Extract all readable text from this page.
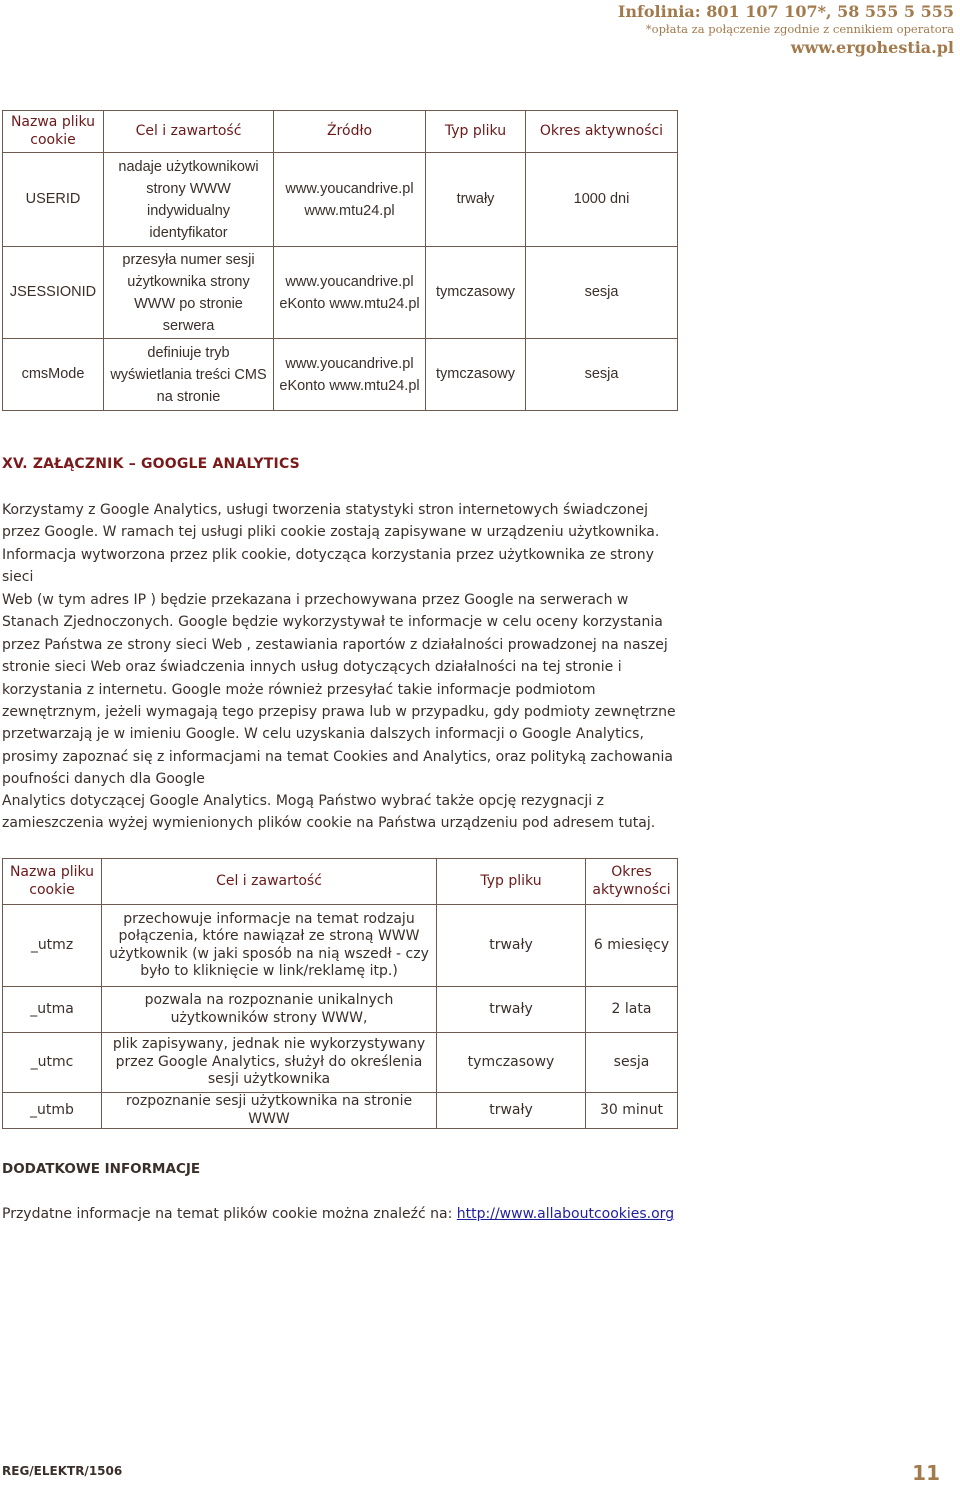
Infolinia: 801 107 107*, 58 555 5 555
*opłata za połączenie zgodnie z cennikiem operatora
www.ergohestia.pl
Nazwa pliku cookie	Cel i zawartość	Źródło	Typ pliku	Okres aktywności
USERID	nadaje użytkownikowi strony WWW indywidualny identyfikator	www.youcandrive.pl www.mtu24.pl	trwały	1000 dni
JSESSIONID	przesyła numer sesji użytkownika strony WWW po stronie serwera	www.youcandrive.pl eKonto www.mtu24.pl	tymczasowy	sesja
cmsMode	definiuje tryb wyświetlania treści CMS na stronie	www.youcandrive.pl eKonto www.mtu24.pl	tymczasowy	sesja
XV. ZAŁĄCZNIK – GOOGLE ANALYTICS

Korzystamy z Google Analytics, usługi tworzenia statystyki stron internetowych świadczonej przez Google. W ramach tej usługi pliki cookie zostają zapisywane w urządzeniu użytkownika. Informacja wytworzona przez plik cookie, dotycząca korzystania przez użytkownika ze strony sieci

Web (w tym adres IP ) będzie przekazana i przechowywana przez Google na serwerach w Stanach Zjednoczonych. Google będzie wykorzystywał te informacje w celu oceny korzystania przez Państwa ze strony sieci Web , zestawiania raportów z działalności prowadzonej na naszej stronie sieci Web oraz świadczenia innych usług dotyczących działalności na tej stronie i korzystania z internetu. Google może również przesyłać takie informacje podmiotom zewnętrznym, jeżeli wymagają tego przepisy prawa lub w przypadku, gdy podmioty zewnętrzne przetwarzają je w imieniu Google. W celu uzyskania dalszych informacji o Google Analytics, prosimy zapoznać się z informacjami na temat Cookies and Analytics, oraz polityką zachowania poufności danych dla Google

Analytics dotyczącej Google Analytics. Mogą Państwo wybrać także opcję rezygnacji z zamieszczenia wyżej wymienionych plików cookie na Państwa urządzeniu pod adresem tutaj.

Nazwa pliku cookie	Cel i zawartość	Typ pliku	Okres aktywności
_utmz	przechowuje informacje na temat rodzaju połączenia, które nawiązał ze stroną WWW użytkownik (w jaki sposób na nią wszedł - czy było to kliknięcie w link/reklamę itp.)	trwały	6 miesięcy
_utma	pozwala na rozpoznanie unikalnych użytkowników strony WWW,	trwały	2 lata
_utmc	plik zapisywany, jednak nie wykorzystywany przez Google Analytics, służył do określenia sesji użytkownika	tymczasowy	sesja
_utmb	rozpoznanie sesji użytkownika na stronie WWW	trwały	30 minut
DODATKOWE INFORMACJE
Przydatne informacje na temat plików cookie można znaleźć na: http://www.allaboutcookies.org
REG/ELEKTR/1506	11
